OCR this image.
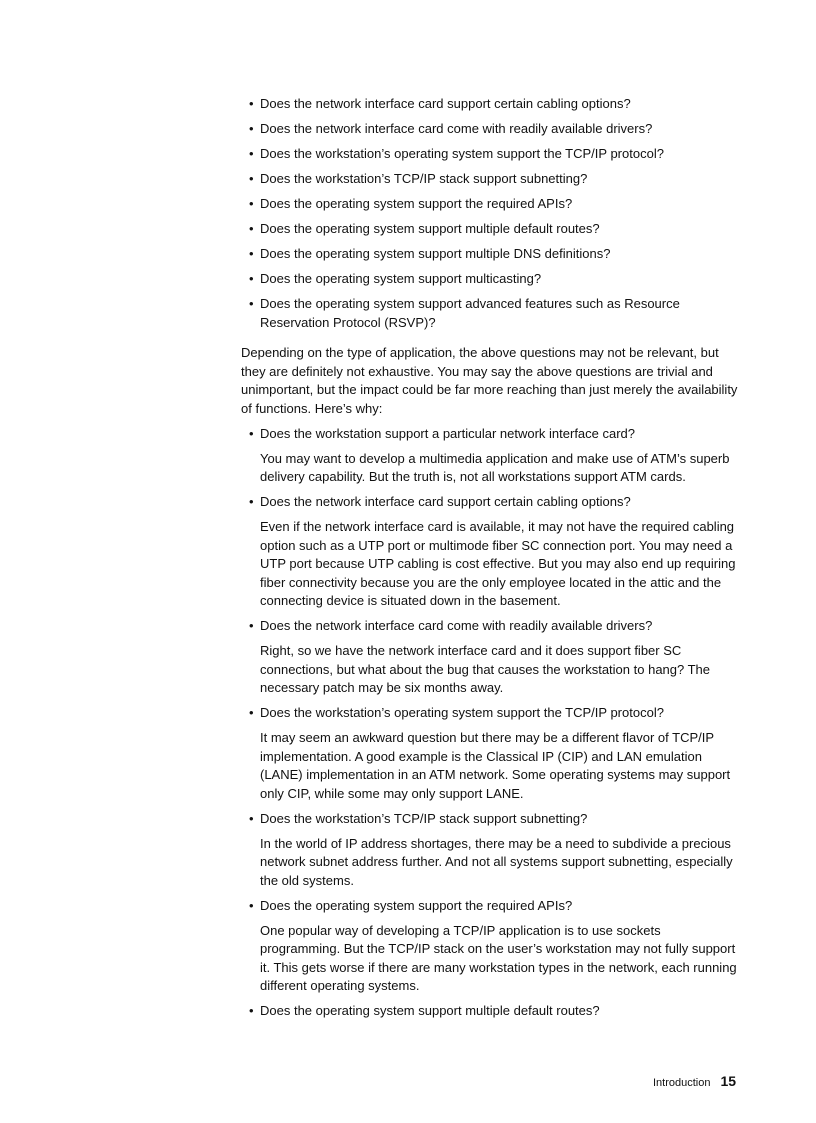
• Does the network interface card support certain cabling options?
• Does the network interface card come with readily available drivers?
• Does the workstation’s operating system support the TCP/IP protocol?
• Does the workstation’s TCP/IP stack support subnetting?
• Does the operating system support the required APIs?
• Does the operating system support multiple default routes?
• Does the operating system support multiple DNS definitions?
• Does the operating system support multicasting?
• Does the operating system support advanced features such as Resource Reservation Protocol (RSVP)?

Depending on the type of application, the above questions may not be relevant, but they are definitely not exhaustive. You may say the above questions are trivial and unimportant, but the impact could be far more reaching than just merely the availability of functions. Here’s why:

• Does the workstation support a particular network interface card?

You may want to develop a multimedia application and make use of ATM’s superb delivery capability. But the truth is, not all workstations support ATM cards.

• Does the network interface card support certain cabling options?

Even if the network interface card is available, it may not have the required cabling option such as a UTP port or multimode fiber SC connection port. You may need a UTP port because UTP cabling is cost effective. But you may also end up requiring fiber connectivity because you are the only employee located in the attic and the connecting device is situated down in the basement.

• Does the network interface card come with readily available drivers?

Right, so we have the network interface card and it does support fiber SC connections, but what about the bug that causes the workstation to hang? The necessary patch may be six months away.

• Does the workstation’s operating system support the TCP/IP protocol?

It may seem an awkward question but there may be a different flavor of TCP/IP implementation. A good example is the Classical IP (CIP) and LAN emulation (LANE) implementation in an ATM network. Some operating systems may support only CIP, while some may only support LANE.

• Does the workstation’s TCP/IP stack support subnetting?

In the world of IP address shortages, there may be a need to subdivide a precious network subnet address further. And not all systems support subnetting, especially the old systems.

• Does the operating system support the required APIs?

One popular way of developing a TCP/IP application is to use sockets programming. But the TCP/IP stack on the user’s workstation may not fully support it. This gets worse if there are many workstation types in the network, each running different operating systems.

• Does the operating system support multiple default routes?
Introduction 15
